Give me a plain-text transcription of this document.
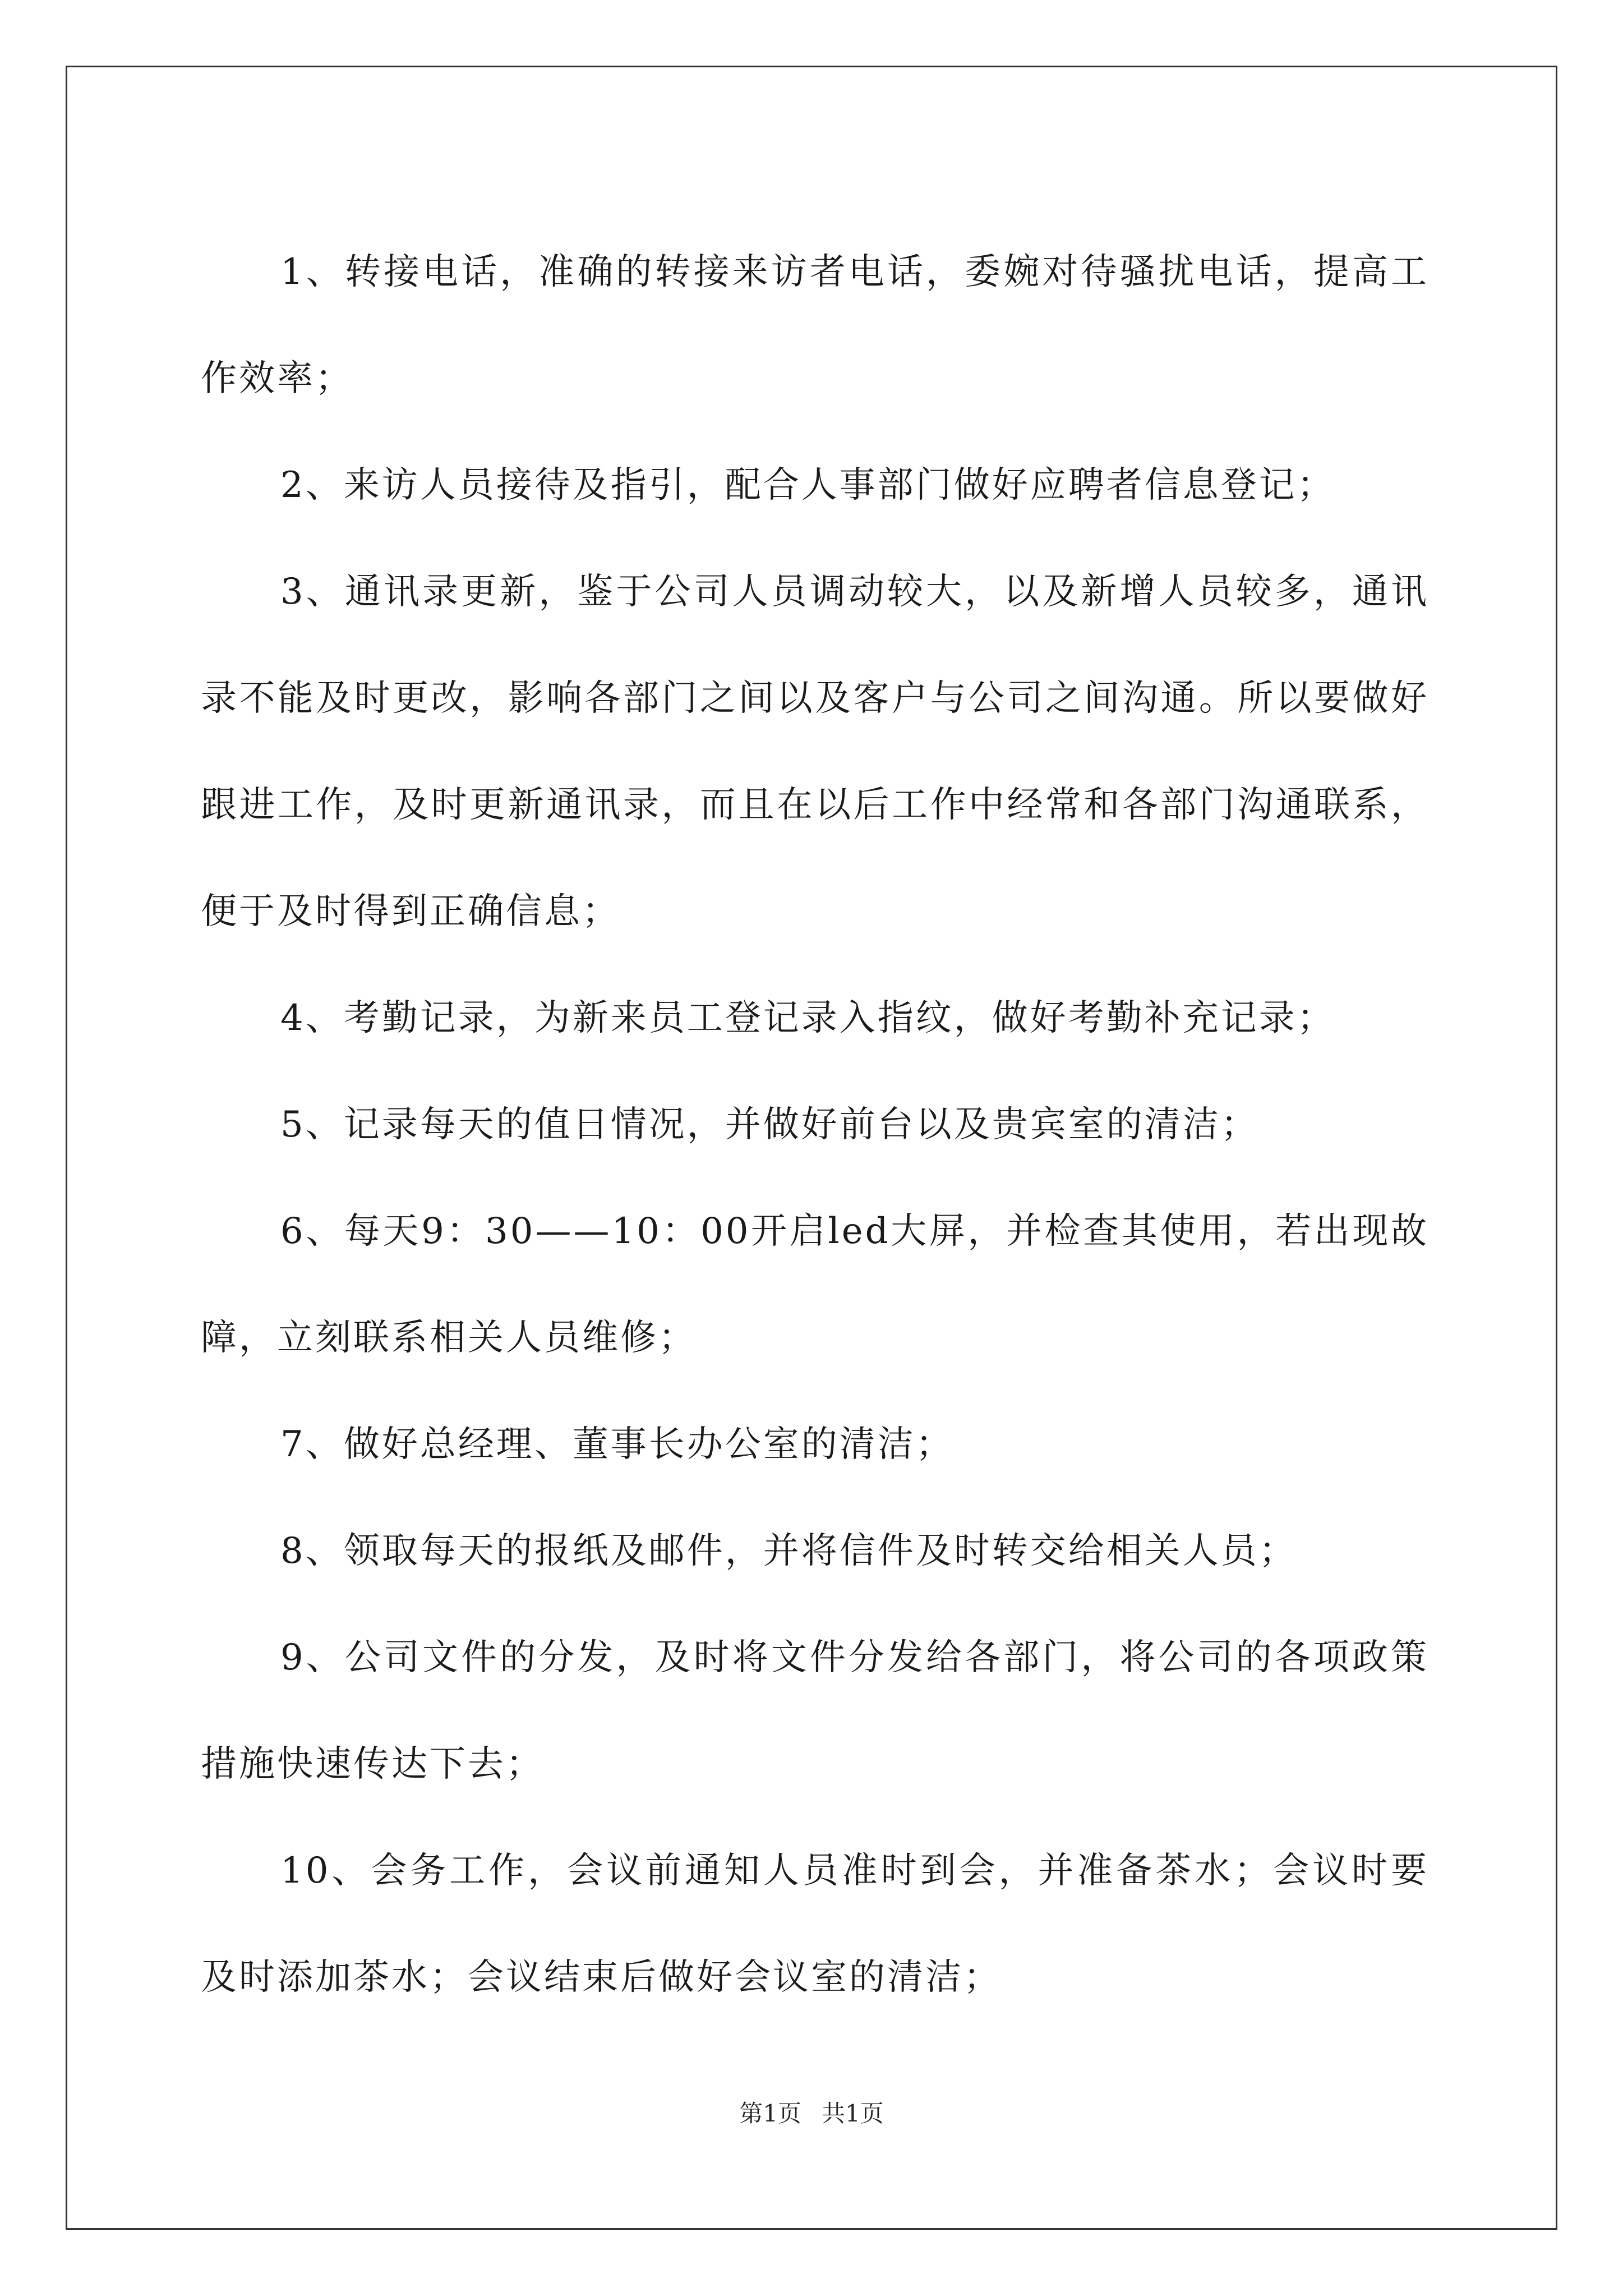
1、转接电话，准确的转接来访者电话，委婉对待骚扰电话，提高工作效率；

2、来访人员接待及指引，配合人事部门做好应聘者信息登记；

3、通讯录更新，鉴于公司人员调动较大，以及新增人员较多，通讯录不能及时更改，影响各部门之间以及客户与公司之间沟通。所以要做好跟进工作，及时更新通讯录，而且在以后工作中经常和各部门沟通联系，便于及时得到正确信息；

4、考勤记录，为新来员工登记录入指纹，做好考勤补充记录；

5、记录每天的值日情况，并做好前台以及贵宾室的清洁；

6、每天9：30——10：00开启led大屏，并检查其使用，若出现故障，立刻联系相关人员维修；

7、做好总经理、董事长办公室的清洁；

8、领取每天的报纸及邮件，并将信件及时转交给相关人员；

9、公司文件的分发，及时将文件分发给各部门，将公司的各项政策措施快速传达下去；

10、会务工作，会议前通知人员准时到会，并准备茶水；会议时要及时添加茶水；会议结束后做好会议室的清洁；

第1页 共1页
